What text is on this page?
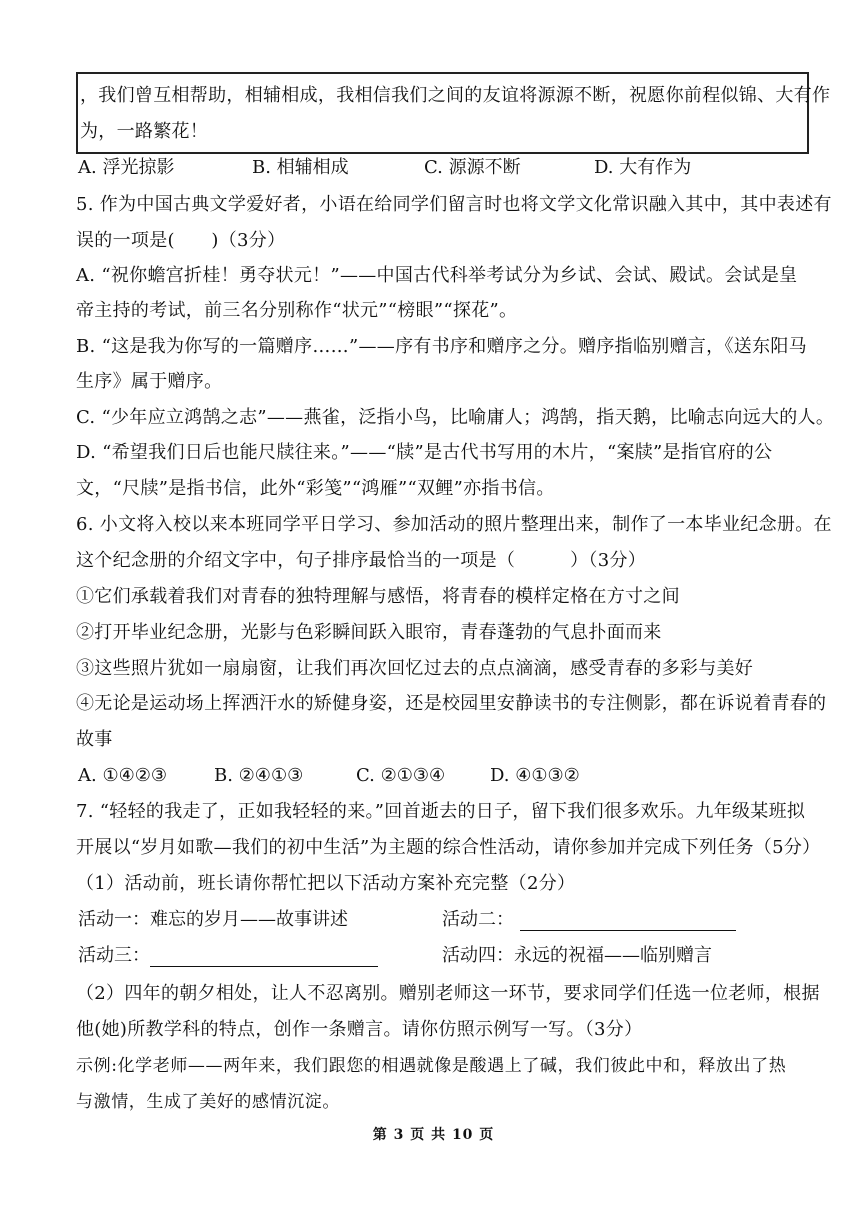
，我们曾互相帮助，相辅相成，我相信我们之间的友谊将源源不断，祝愿你前程似锦、大有作
为，一路繁花！
A. 浮光掠影	B. 相辅相成	C. 源源不断	D. 大有作为
5. 作为中国古典文学爱好者，小语在给同学们留言时也将文学文化常识融入其中，其中表述有
误的一项是(　　)（3分）
A. “祝你蟾宫折桂！勇夺状元！”——中国古代科举考试分为乡试、会试、殿试。会试是皇
帝主持的考试，前三名分别称作“状元”“榜眼”“探花”。
B. “这是我为你写的一篇赠序……”——序有书序和赠序之分。赠序指临别赠言，《送东阳马
生序》属于赠序。
C. “少年应立鸿鹄之志”——燕雀，泛指小鸟，比喻庸人；鸿鹄，指天鹅，比喻志向远大的人。
D. “希望我们日后也能尺牍往来。”——“牍”是古代书写用的木片，“案牍”是指官府的公
文，“尺牍”是指书信，此外“彩笺”“鸿雁”“双鲤”亦指书信。
6. 小文将入校以来本班同学平日学习、参加活动的照片整理出来，制作了一本毕业纪念册。在
这个纪念册的介绍文字中，句子排序最恰当的一项是（　　　）（3分）
①它们承载着我们对青春的独特理解与感悟，将青春的模样定格在方寸之间
②打开毕业纪念册，光影与色彩瞬间跃入眼帘，青春蓬勃的气息扑面而来
③这些照片犹如一扇扇窗，让我们再次回忆过去的点点滴滴，感受青春的多彩与美好
④无论是运动场上挥洒汗水的矫健身姿，还是校园里安静读书的专注侧影，都在诉说着青春的
故事
A. ①④②③	B. ②④①③	C. ②①③④ D. ④①③②
7. “轻轻的我走了，正如我轻轻的来。”回首逝去的日子，留下我们很多欢乐。九年级某班拟
开展以“岁月如歌—我们的初中生活”为主题的综合性活动，请你参加并完成下列任务（5分）
（1）活动前，班长请你帮忙把以下活动方案补充完整（2分）
活动一：难忘的岁月——故事讲述	活动二：
活动三：	活动四：永远的祝福——临别赠言
（2）四年的朝夕相处，让人不忍离别。赠别老师这一环节，要求同学们任选一位老师，根据
他(她)所教学科的特点，创作一条赠言。请你仿照示例写一写。（3分）
示例:化学老师——两年来，我们跟您的相遇就像是酸遇上了碱，我们彼此中和，释放出了热
与激情，生成了美好的感情沉淀。
第 3 页 共 10 页
